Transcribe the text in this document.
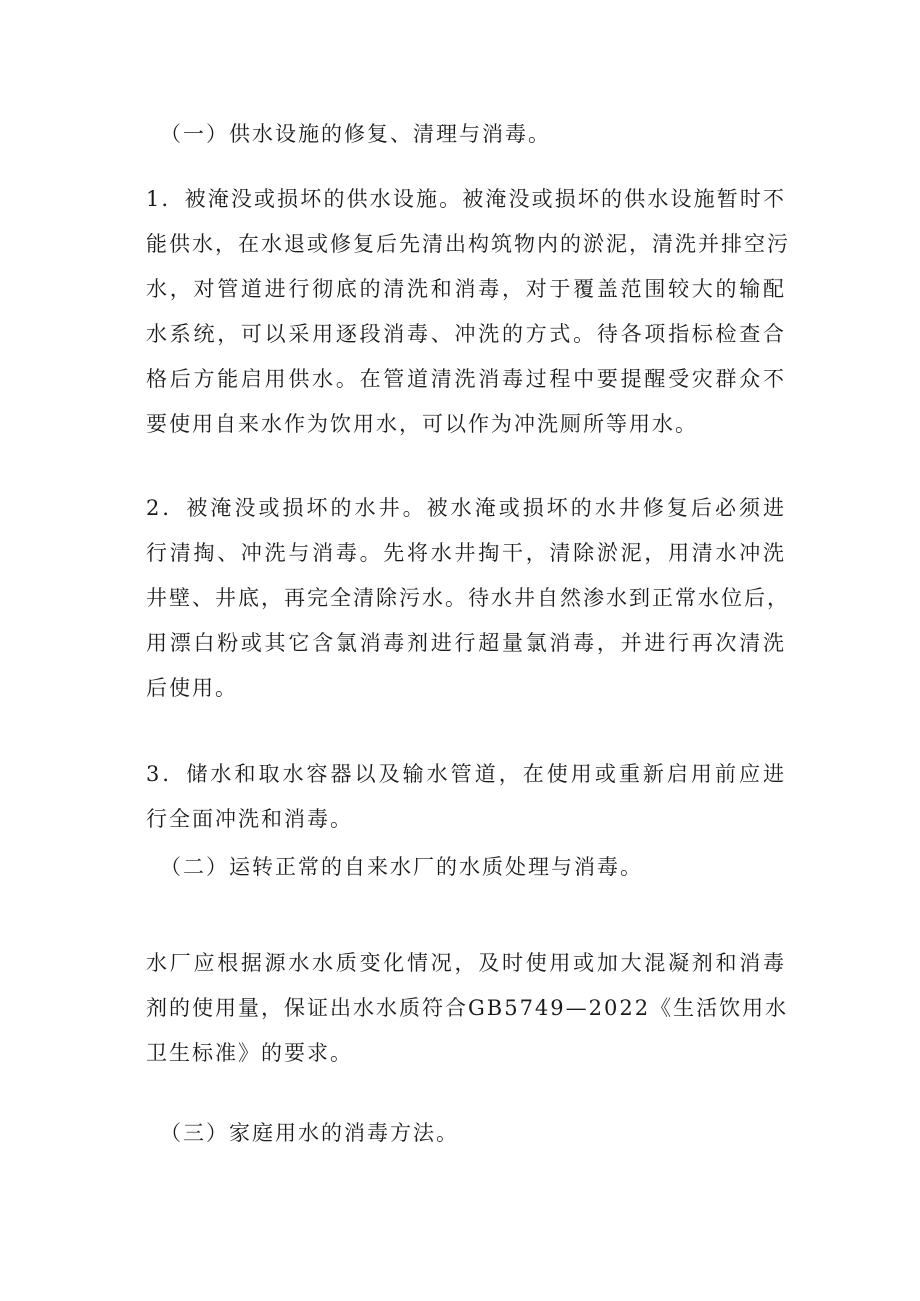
（一）供水设施的修复、清理与消毒。

1．被淹没或损坏的供水设施。被淹没或损坏的供水设施暂时不
能供水，在水退或修复后先清出构筑物内的淤泥，清洗并排空污
水，对管道进行彻底的清洗和消毒，对于覆盖范围较大的输配
水系统，可以采用逐段消毒、冲洗的方式。待各项指标检查合
格后方能启用供水。在管道清洗消毒过程中要提醒受灾群众不
要使用自来水作为饮用水，可以作为冲洗厕所等用水。
2．被淹没或损坏的水井。被水淹或损坏的水井修复后必须进
行清掏、冲洗与消毒。先将水井掏干，清除淤泥，用清水冲洗
井壁、井底，再完全清除污水。待水井自然渗水到正常水位后，
用漂白粉或其它含氯消毒剂进行超量氯消毒，并进行再次清洗
后使用。
3．储水和取水容器以及输水管道，在使用或重新启用前应进
行全面冲洗和消毒。

（二）运转正常的自来水厂的水质处理与消毒。

水厂应根据源水水质变化情况，及时使用或加大混凝剂和消毒
剂的使用量，保证出水水质符合GB5749—2022《生活饮用水
卫生标准》的要求。

（三）家庭用水的消毒方法。
